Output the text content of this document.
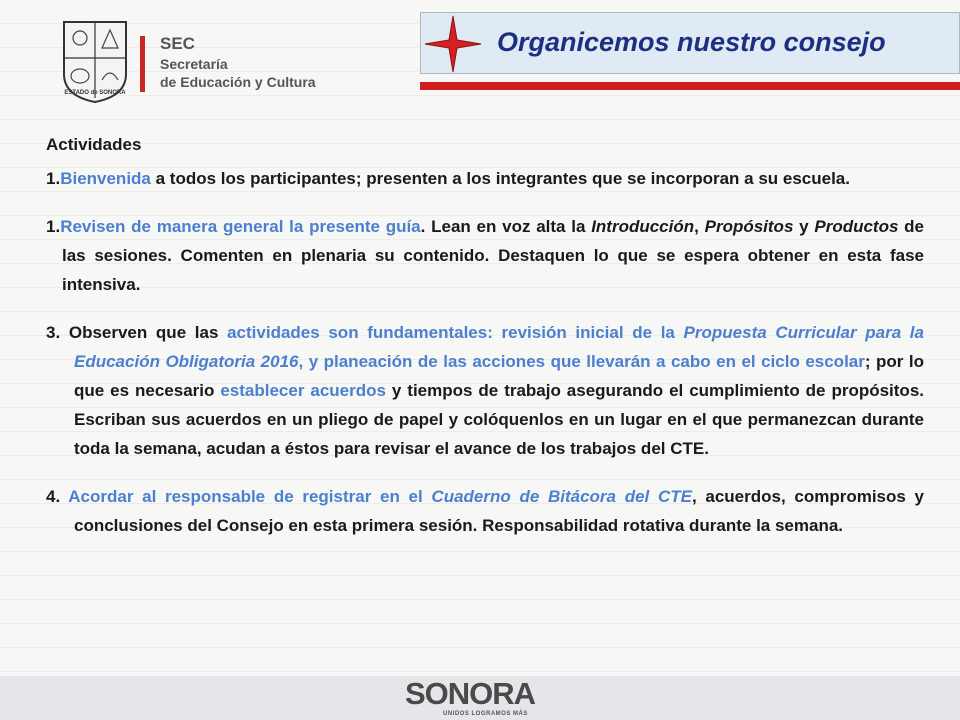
ESTADO de SONORA
SEC
Secretaría
de Educación y Cultura
Organicemos nuestro consejo
Actividades

1.Bienvenida a todos los participantes; presenten a los integrantes que se incorporan a su escuela.

1.Revisen de manera general la presente guía. Lean en voz alta la Introducción, Propósitos y Productos de las sesiones. Comenten en plenaria su contenido. Destaquen lo que se espera obtener en esta fase intensiva.

3. Observen que las actividades son fundamentales: revisión inicial de la Propuesta Curricular para la Educación Obligatoria 2016, y planeación de las acciones que llevarán a cabo en el ciclo escolar; por lo que es necesario establecer acuerdos y tiempos de trabajo asegurando el cumplimiento de propósitos. Escriban sus acuerdos en un pliego de papel y colóquenlos en un lugar en el que permanezcan durante toda la semana, acudan a éstos para revisar el avance de los trabajos del CTE.

4. Acordar al responsable de registrar en el Cuaderno de Bitácora del CTE, acuerdos, compromisos y conclusiones del Consejo en esta primera sesión. Responsabilidad rotativa durante la semana.

SONORA
UNIDOS LOGRAMOS MÁS
